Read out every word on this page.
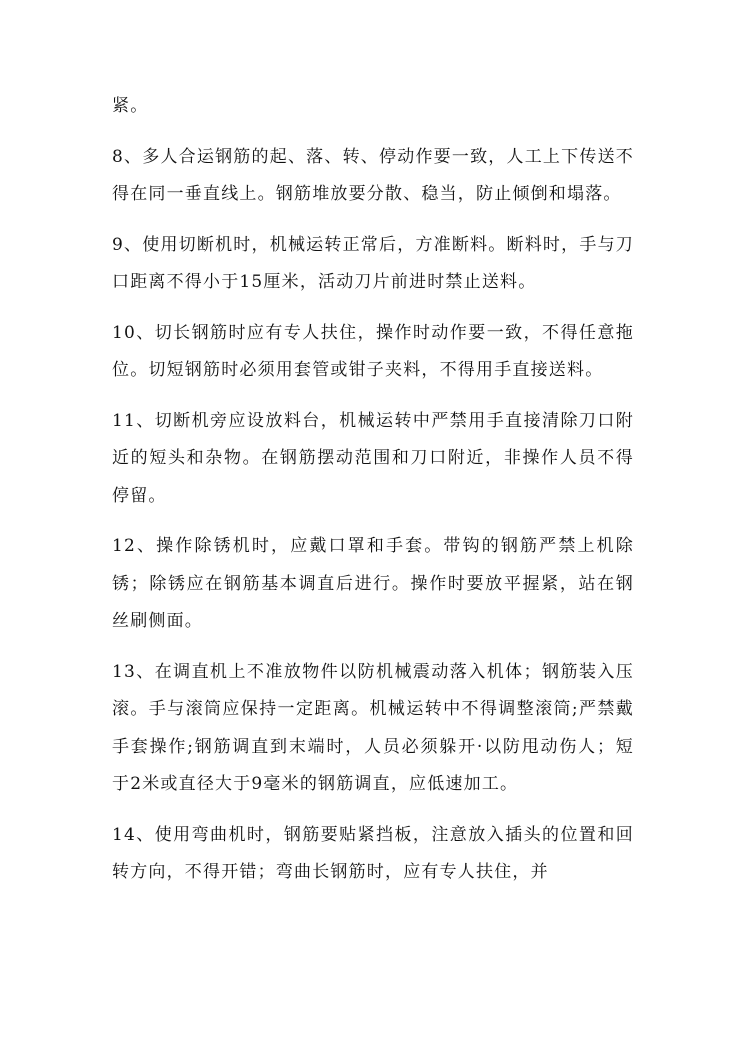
紧。

8、多人合运钢筋的起、落、转、停动作要一致，人工上下传送不得在同一垂直线上。钢筋堆放要分散、稳当，防止倾倒和塌落。

9、使用切断机时，机械运转正常后，方准断料。断料时，手与刀口距离不得小于15厘米，活动刀片前进时禁止送料。

10、切长钢筋时应有专人扶住，操作时动作要一致，不得任意拖位。切短钢筋时必须用套管或钳子夹料，不得用手直接送料。

11、切断机旁应设放料台，机械运转中严禁用手直接清除刀口附近的短头和杂物。在钢筋摆动范围和刀口附近，非操作人员不得停留。

12、操作除锈机时，应戴口罩和手套。带钩的钢筋严禁上机除锈；除锈应在钢筋基本调直后进行。操作时要放平握紧，站在钢丝刷侧面。

13、在调直机上不准放物件以防机械震动落入机体；钢筋装入压滚。手与滚筒应保持一定距离。机械运转中不得调整滚筒;严禁戴手套操作;钢筋调直到末端时，人员必须躲开·以防甩动伤人；短于2米或直径大于9毫米的钢筋调直，应低速加工。

14、使用弯曲机时，钢筋要贴紧挡板，注意放入插头的位置和回转方向，不得开错；弯曲长钢筋时，应有专人扶住，并
